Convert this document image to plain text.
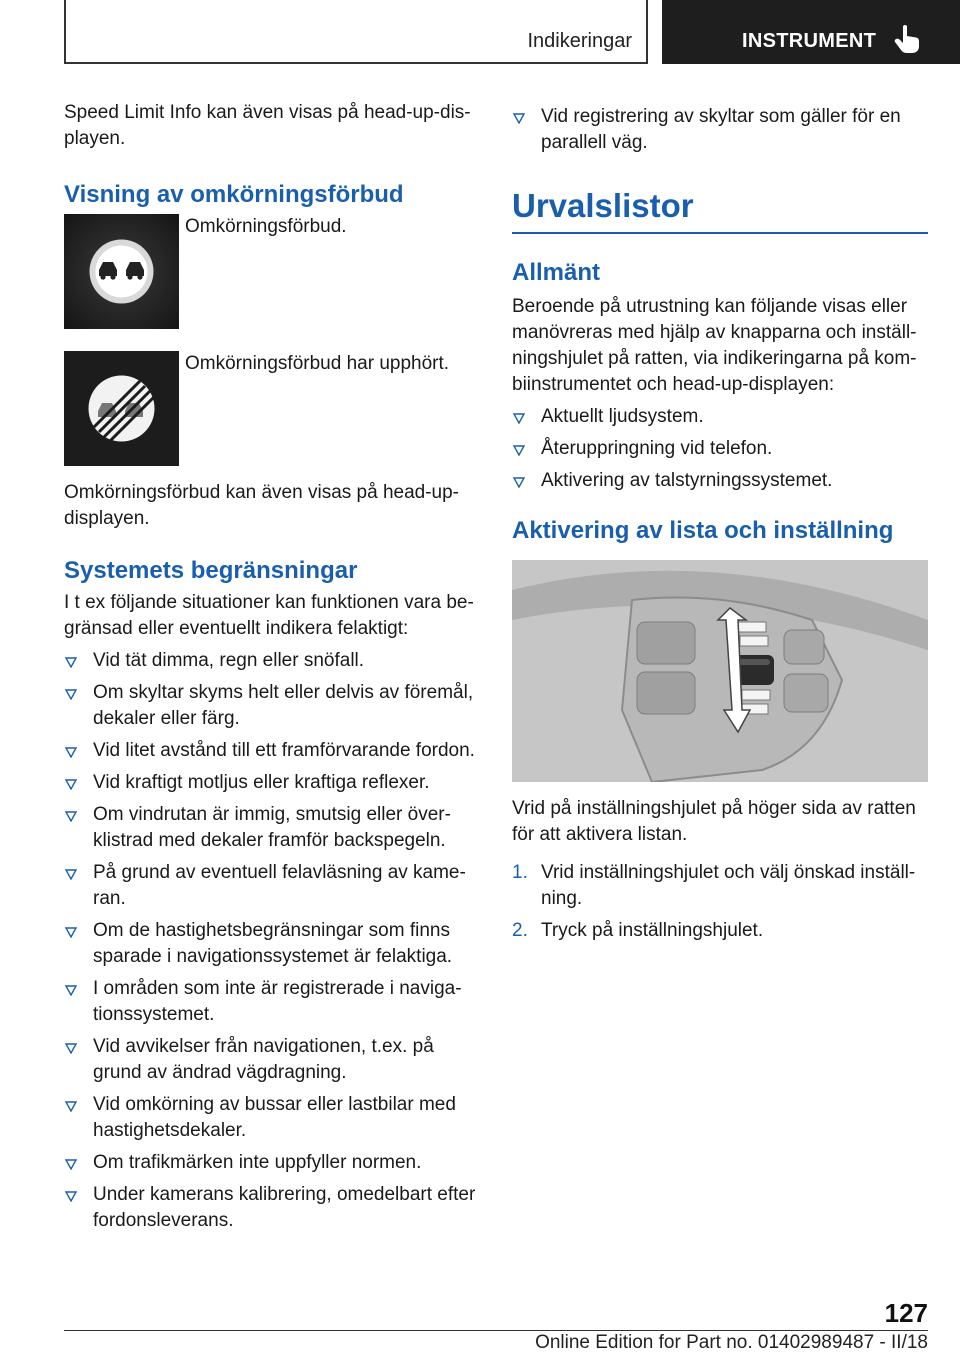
Indikeringar	INSTRUMENT

Speed Limit Info kan även visas på head-up-dis-playen.

Visning av omkörningsförbud

Omkörningsförbud.

Omkörningsförbud har upphört.

Omkörningsförbud kan även visas på head-up-displayen.

Systemets begränsningar

I t ex följande situationer kan funktionen vara be-gränsad eller eventuellt indikera felaktigt:

Vid tät dimma, regn eller snöfall.
Om skyltar skyms helt eller delvis av föremål, dekaler eller färg.
Vid litet avstånd till ett framförvarande fordon.
Vid kraftigt motljus eller kraftiga reflexer.
Om vindrutan är immig, smutsig eller över-klistrad med dekaler framför backspegeln.
På grund av eventuell felavläsning av kame-ran.
Om de hastighetsbegränsningar som finns sparade i navigationssystemet är felaktiga.
I områden som inte är registrerade i naviga-tionssystemet.
Vid avvikelser från navigationen, t.ex. på grund av ändrad vägdragning.
Vid omkörning av bussar eller lastbilar med hastighetsdekaler.
Om trafikmärken inte uppfyller normen.
Under kamerans kalibrering, omedelbart efter fordonsleverans.
Vid registrering av skyltar som gäller för en parallell väg.
Urvalslistor
Allmänt

Beroende på utrustning kan följande visas eller manövreras med hjälp av knapparna och inställ-ningshjulet på ratten, via indikeringarna på kom-biinstrumentet och head-up-displayen:

Aktuellt ljudsystem.
Återuppringning vid telefon.
Aktivering av talstyrningssystemet.
Aktivering av lista och inställning

Vrid på inställningshjulet på höger sida av ratten för att aktivera listan.

1. Vrid inställningshjulet och välj önskad inställ-ning.
2. Tryck på inställningshjulet.
127
Online Edition for Part no. 01402989487 - II/18
